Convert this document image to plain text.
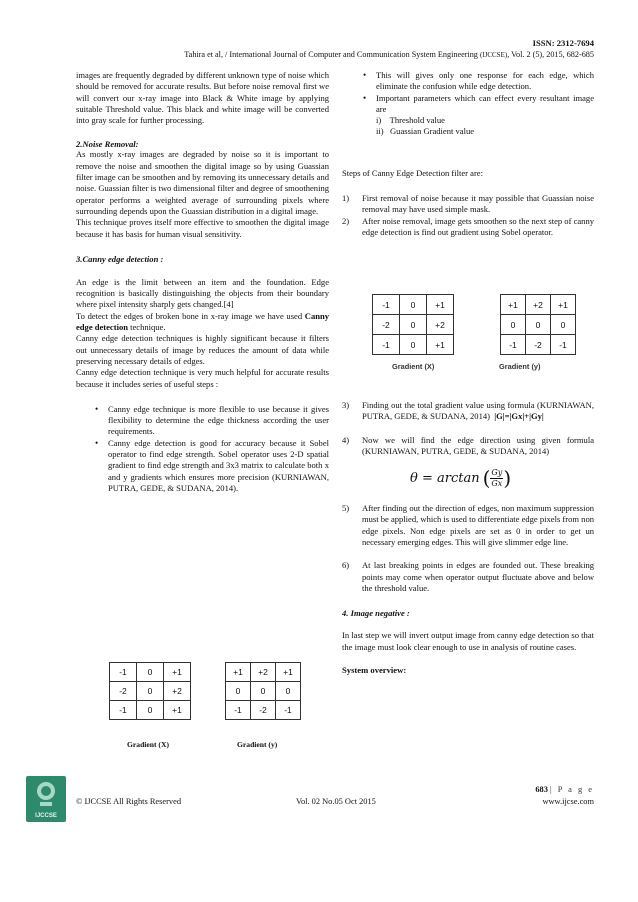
ISSN: 2312-7694
Tahira et al, / International Journal of Computer and Communication System Engineering (IJCCSE), Vol. 2 (5), 2015, 682-685

images are frequently degraded by different unknown type of noise which should be removed for accurate results. But before noise removal first we will convert our x-ray image into Black & White image by applying suitable Threshold value. This black and white image will be converted into gray scale for further processing.

2.Noise Removal:

As mostly x-ray images are degraded by noise so it is important to remove the noise and smoothen the digital image so by using Guassian filter image can be smoothen and by removing its unnecessary details and noise. Guassian filter is two dimensional filter and degree of smoothening operator performs a weighted average of surrounding pixels where surrounding depends upon the Guassian distribution in a digital image.

This technique proves itself more effective to smoothen the digital image because it has basis for human visual sensitivity.

3.Canny edge detection :

An edge is the limit between an item and the foundation. Edge recognition is basically distinguishing the objects from their boundary where pixel intensity sharply gets changed.[4]

To detect the edges of broken bone in x-ray image we have used Canny edge detection technique.

Canny edge detection techniques is highly significant because it filters out unnecessary details of image by reduces the amount of data while preserving necessary details of edges.

Canny edge detection technique is very much helpful for accurate results because it includes series of useful steps :

• Canny edge technique is more flexible to use because it gives flexibility to determine the edge thickness according the user requirements.
• Canny edge detection is good for accuracy because it Sobel operator to find edge strength. Sobel operator uses 2-D spatial gradient to find edge strength and 3x3 matrix to calculate both x and y gradients which ensures more precision (KURNIAWAN, PUTRA, GEDE, & SUDANA, 2014).
-1	0	+1
-2	0	+2
-1	0	+1
+1	+2	+1
0	0	0
-1	-2	-1
Gradient (X)	Gradient (y)
• This will gives only one response for each edge, which eliminate the confusion while edge detection.
• Important parameters which can effect every resultant image are
i)    Threshold value
ii)   Guassian Gradient value

Steps of Canny Edge Detection filter are:

1) First removal of noise because it may possible that Guassian noise removal may have used simple mask.
2) After noise removal, image gets smoothen so the next step of canny edge detection is find out gradient using Sobel operator.
-1	0	+1
-2	0	+2
-1	0	+1
+1	+2	+1
0	0	0
-1	-2	-1
Gradient (X)	Gradient (y)
3) Finding out the total gradient value using formula (KURNIAWAN, PUTRA, GEDE, & SUDANA, 2014) |G|=|Gx|+|Gy|
4) Now we will find the edge direction using given formula (KURNIAWAN, PUTRA, GEDE, & SUDANA, 2014)
θ = arctan ( $\frac{Gy}{Gx}$ )
5) After finding out the direction of edges, non maximum suppression must be applied, which is used to differentiate edge pixels from non edge pixels. Non edge pixels are set as 0 in order to get un necessary emerging edges. This will give slimmer edge line.
6) At last breaking points in edges are founded out. These breaking points may come when operator output fluctuate above and below the threshold value.
4. Image negative :

In last step we will invert output image from canny edge detection so that the image must look clear enough to use in analysis of routine cases.

System overview:
683 | P a g e
IJCCSE
© IJCCSE All Rights Reserved	Vol. 02 No.05 Oct 2015	www.ijcse.com
